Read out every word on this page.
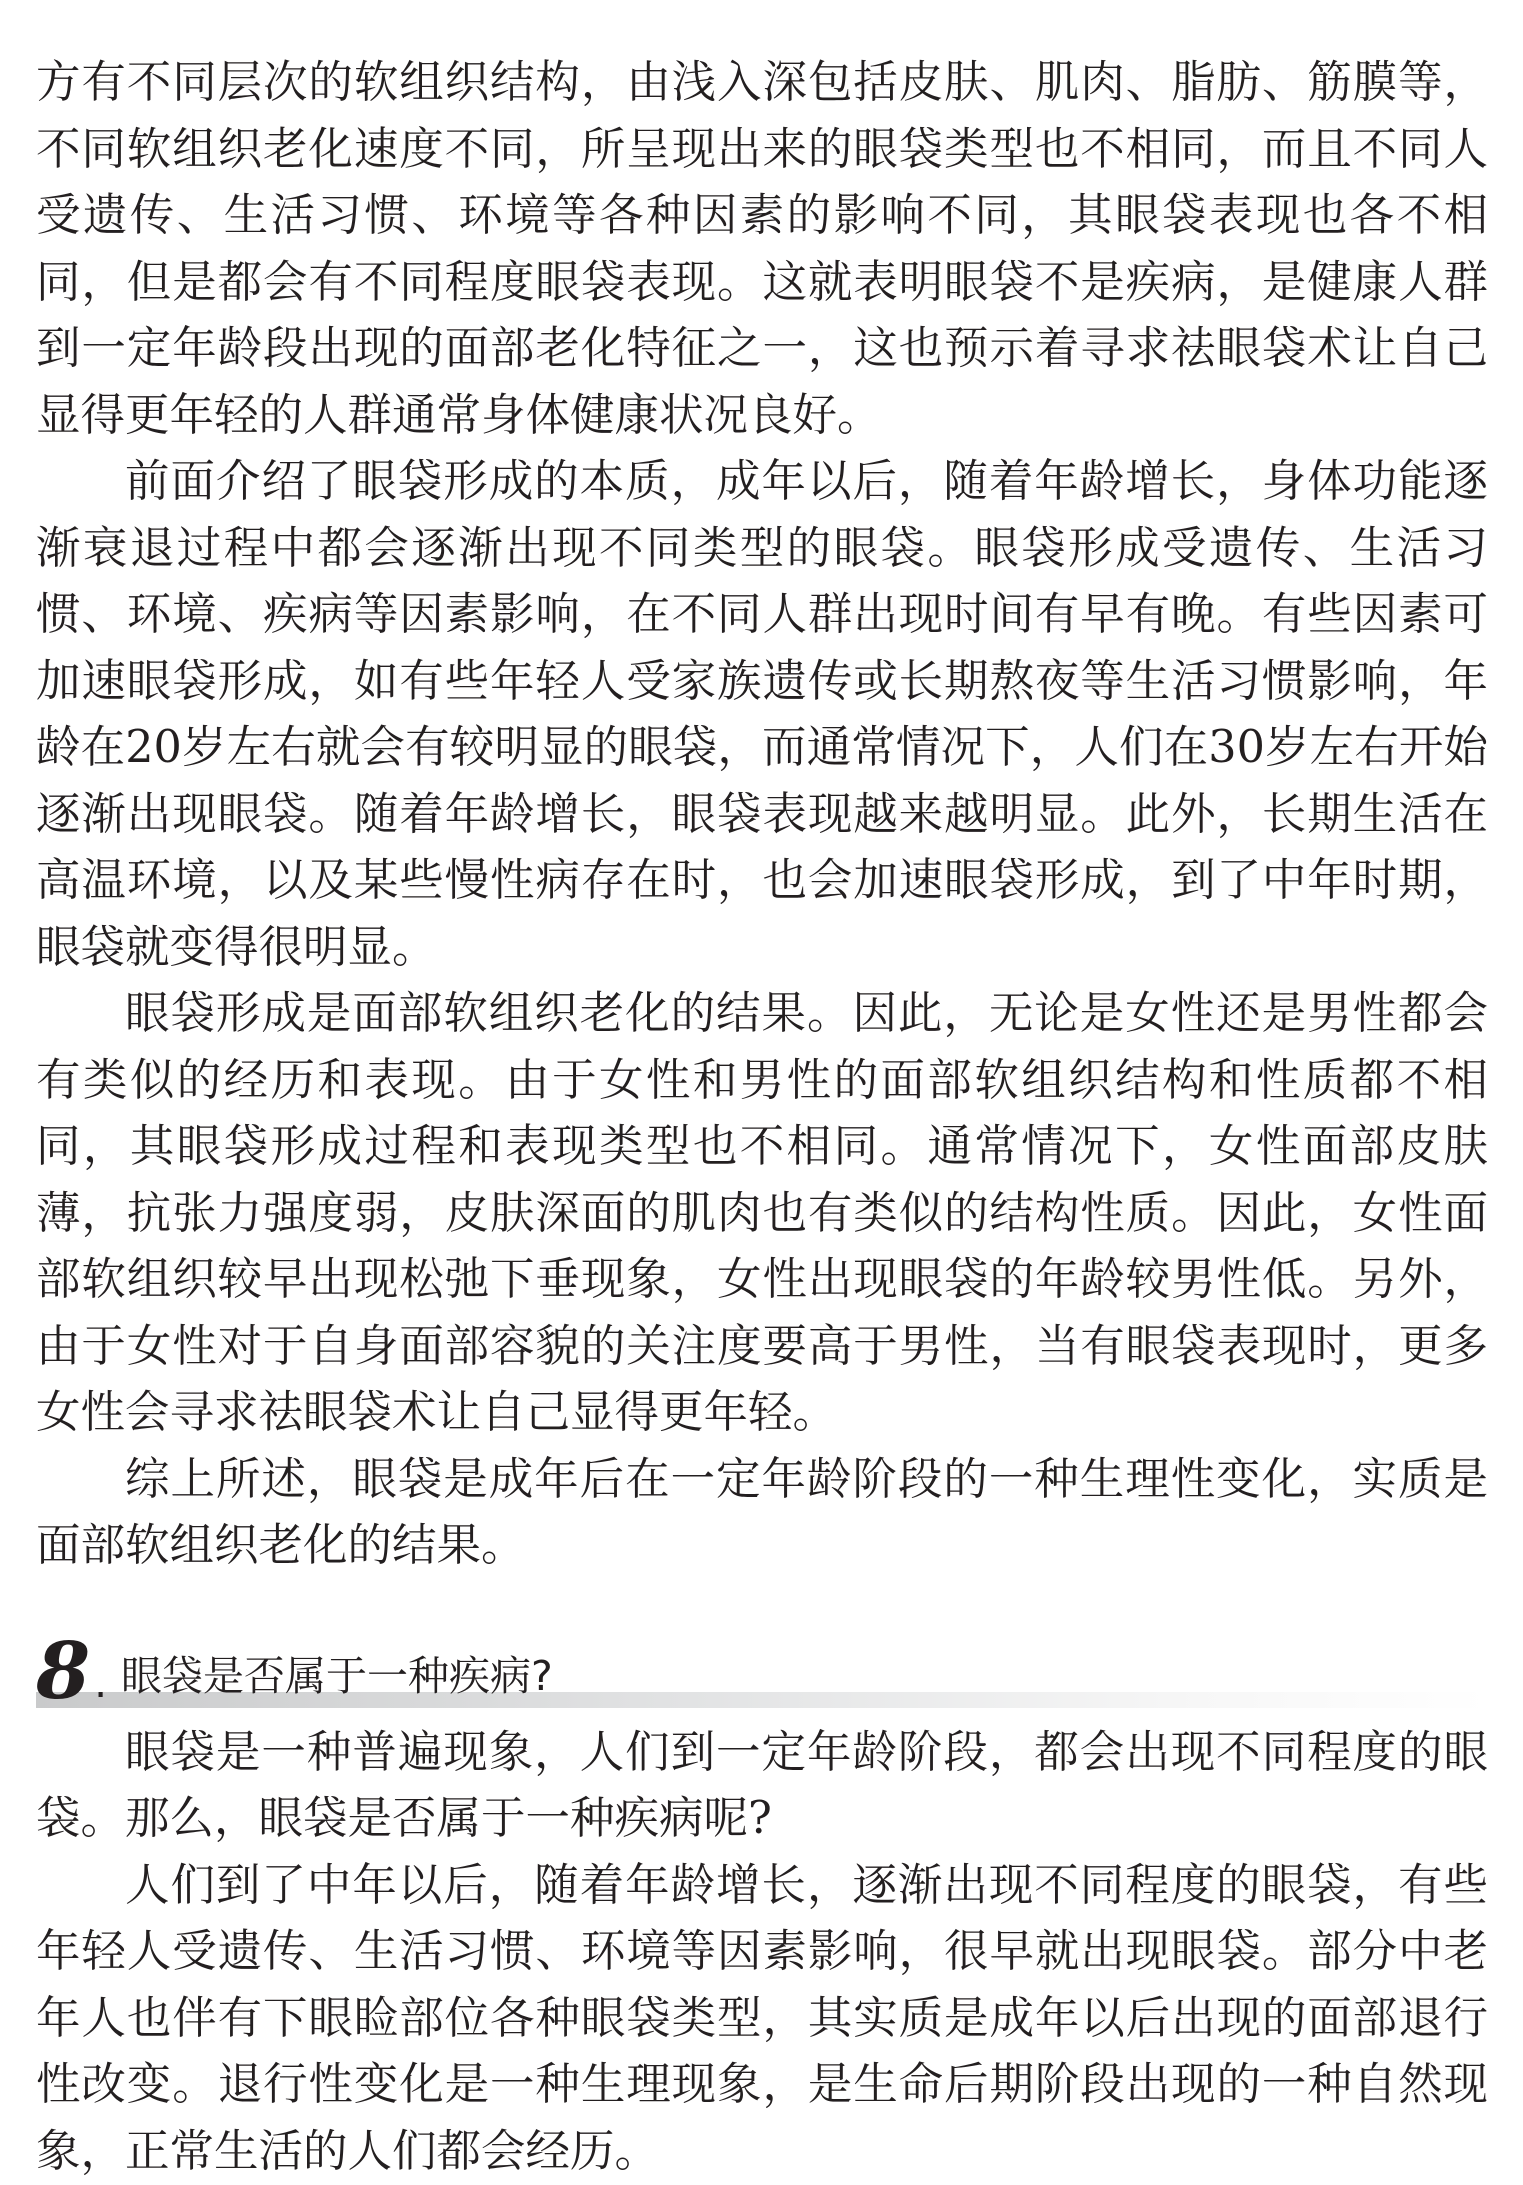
方有不同层次的软组织结构，由浅入深包括皮肤、肌肉、脂肪、筋膜等，不同软组织老化速度不同，所呈现出来的眼袋类型也不相同，而且不同人受遗传、生活习惯、环境等各种因素的影响不同，其眼袋表现也各不相同，但是都会有不同程度眼袋表现。这就表明眼袋不是疾病，是健康人群到一定年龄段出现的面部老化特征之一，这也预示着寻求祛眼袋术让自己显得更年轻的人群通常身体健康状况良好。

前面介绍了眼袋形成的本质，成年以后，随着年龄增长，身体功能逐渐衰退过程中都会逐渐出现不同类型的眼袋。眼袋形成受遗传、生活习惯、环境、疾病等因素影响，在不同人群出现时间有早有晚。有些因素可加速眼袋形成，如有些年轻人受家族遗传或长期熬夜等生活习惯影响，年龄在20岁左右就会有较明显的眼袋，而通常情况下，人们在30岁左右开始逐渐出现眼袋。随着年龄增长，眼袋表现越来越明显。此外，长期生活在高温环境，以及某些慢性病存在时，也会加速眼袋形成，到了中年时期，眼袋就变得很明显。

眼袋形成是面部软组织老化的结果。因此，无论是女性还是男性都会有类似的经历和表现。由于女性和男性的面部软组织结构和性质都不相同，其眼袋形成过程和表现类型也不相同。通常情况下，女性面部皮肤薄，抗张力强度弱，皮肤深面的肌肉也有类似的结构性质。因此，女性面部软组织较早出现松弛下垂现象，女性出现眼袋的年龄较男性低。另外，由于女性对于自身面部容貌的关注度要高于男性，当有眼袋表现时，更多女性会寻求祛眼袋术让自己显得更年轻。

综上所述，眼袋是成年后在一定年龄阶段的一种生理性变化，实质是面部软组织老化的结果。

8 . 眼袋是否属于一种疾病?

眼袋是一种普遍现象，人们到一定年龄阶段，都会出现不同程度的眼袋。那么，眼袋是否属于一种疾病呢?

人们到了中年以后，随着年龄增长，逐渐出现不同程度的眼袋，有些年轻人受遗传、生活习惯、环境等因素影响，很早就出现眼袋。部分中老年人也伴有下眼睑部位各种眼袋类型，其实质是成年以后出现的面部退行性改变。退行性变化是一种生理现象，是生命后期阶段出现的一种自然现象，正常生活的人们都会经历。
